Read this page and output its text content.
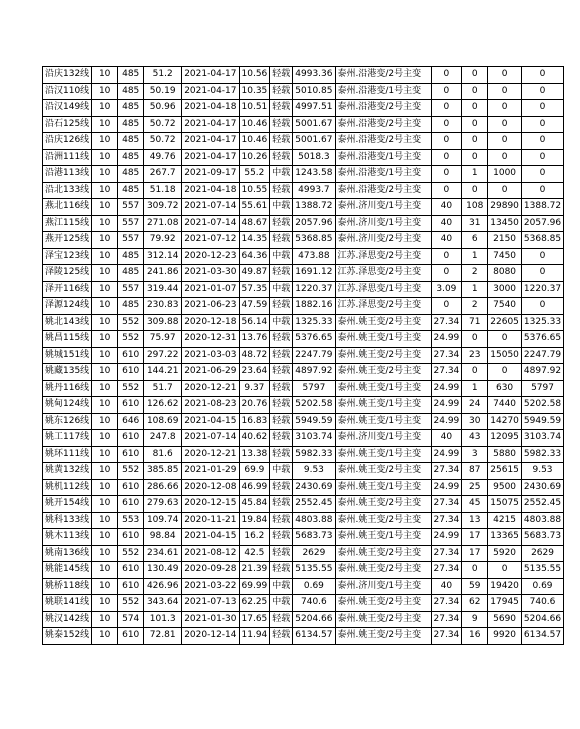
沿庆132线	10	485	51.2	2021-04-17	10.56	轻载	4993.36	泰州.沿港变/2号主变	0	0	0	0
沿汉110线	10	485	50.19	2021-04-17	10.35	轻载	5010.85	泰州.沿港变/1号主变	0	0	0	0
沿汉149线	10	485	50.96	2021-04-18	10.51	轻载	4997.51	泰州.沿港变/2号主变	0	0	0	0
沿石125线	10	485	50.72	2021-04-17	10.46	轻载	5001.67	泰州.沿港变/2号主变	0	0	0	0
沿庆126线	10	485	50.72	2021-04-17	10.46	轻载	5001.67	泰州.沿港变/2号主变	0	0	0	0
沿洲111线	10	485	49.76	2021-04-17	10.26	轻载	5018.3	泰州.沿港变/1号主变	0	0	0	0
沿港113线	10	485	267.7	2021-09-17	55.2	中载	1243.58	泰州.沿港变/1号主变	0	1	1000	0
沿北133线	10	485	51.18	2021-04-18	10.55	轻载	4993.7	泰州.沿港变/2号主变	0	0	0	0
燕北116线	10	557	309.72	2021-07-14	55.61	中载	1388.72	泰州.济川变/1号主变	40	108	29890	1388.72
燕江115线	10	557	271.08	2021-07-14	48.67	轻载	2057.96	泰州.济川变/1号主变	40	31	13450	2057.96
燕开125线	10	557	79.92	2021-07-12	14.35	轻载	5368.85	泰州.济川变/2号主变	40	6	2150	5368.85
泽宝123线	10	485	312.14	2020-12-23	64.36	中载	473.88	江苏.泽思变/2号主变	0	1	7450	0
泽陵125线	10	485	241.86	2021-03-30	49.87	轻载	1691.12	江苏.泽思变/2号主变	0	2	8080	0
泽开116线	10	557	319.44	2021-01-07	57.35	中载	1220.37	江苏.泽思变/1号主变	3.09	1	3000	1220.37
泽源124线	10	485	230.83	2021-06-23	47.59	轻载	1882.16	江苏.泽思变/2号主变	0	2	7540	0
姚北143线	10	552	309.88	2020-12-18	56.14	中载	1325.33	泰州.姚王变/2号主变	27.34	71	22605	1325.33
姚昌115线	10	552	75.97	2020-12-31	13.76	轻载	5376.65	泰州.姚王变/1号主变	24.99	0	0	5376.65
姚城151线	10	610	297.22	2021-03-03	48.72	轻载	2247.79	泰州.姚王变/2号主变	27.34	23	15050	2247.79
姚藏135线	10	610	144.21	2021-06-29	23.64	轻载	4897.92	泰州.姚王变/2号主变	27.34	0	0	4897.92
姚丹116线	10	552	51.7	2020-12-21	9.37	轻载	5797	泰州.姚王变/1号主变	24.99	1	630	5797
姚甸124线	10	610	126.62	2021-08-23	20.76	轻载	5202.58	泰州.姚王变/1号主变	24.99	24	7440	5202.58
姚东126线	10	646	108.69	2021-04-15	16.83	轻载	5949.59	泰州.姚王变/1号主变	24.99	30	14270	5949.59
姚工117线	10	610	247.8	2021-07-14	40.62	轻载	3103.74	泰州.济川变/1号主变	40	43	12095	3103.74
姚环111线	10	610	81.6	2020-12-21	13.38	轻载	5982.33	泰州.姚王变/1号主变	24.99	3	5880	5982.33
姚黄132线	10	552	385.85	2021-01-29	69.9	中载	9.53	泰州.姚王变/2号主变	27.34	87	25615	9.53
姚机112线	10	610	286.66	2020-12-08	46.99	轻载	2430.69	泰州.姚王变/1号主变	24.99	25	9500	2430.69
姚开154线	10	610	279.63	2020-12-15	45.84	轻载	2552.45	泰州.姚王变/2号主变	27.34	45	15075	2552.45
姚科133线	10	553	109.74	2020-11-21	19.84	轻载	4803.88	泰州.姚王变/2号主变	27.34	13	4215	4803.88
姚木113线	10	610	98.84	2021-04-15	16.2	轻载	5683.73	泰州.姚王变/1号主变	24.99	17	13365	5683.73
姚南136线	10	552	234.61	2021-08-12	42.5	轻载	2629	泰州.姚王变/2号主变	27.34	17	5920	2629
姚能145线	10	610	130.49	2020-09-28	21.39	轻载	5135.55	泰州.姚王变/2号主变	27.34	0	0	5135.55
姚桥118线	10	610	426.96	2021-03-22	69.99	中载	0.69	泰州.济川变/1号主变	40	59	19420	0.69
姚联141线	10	552	343.64	2021-07-13	62.25	中载	740.6	泰州.姚王变/2号主变	27.34	62	17945	740.6
姚汉142线	10	574	101.3	2021-01-30	17.65	轻载	5204.66	泰州.姚王变/2号主变	27.34	9	5690	5204.66
姚泰152线	10	610	72.81	2020-12-14	11.94	轻载	6134.57	泰州.姚王变/2号主变	27.34	16	9920	6134.57
